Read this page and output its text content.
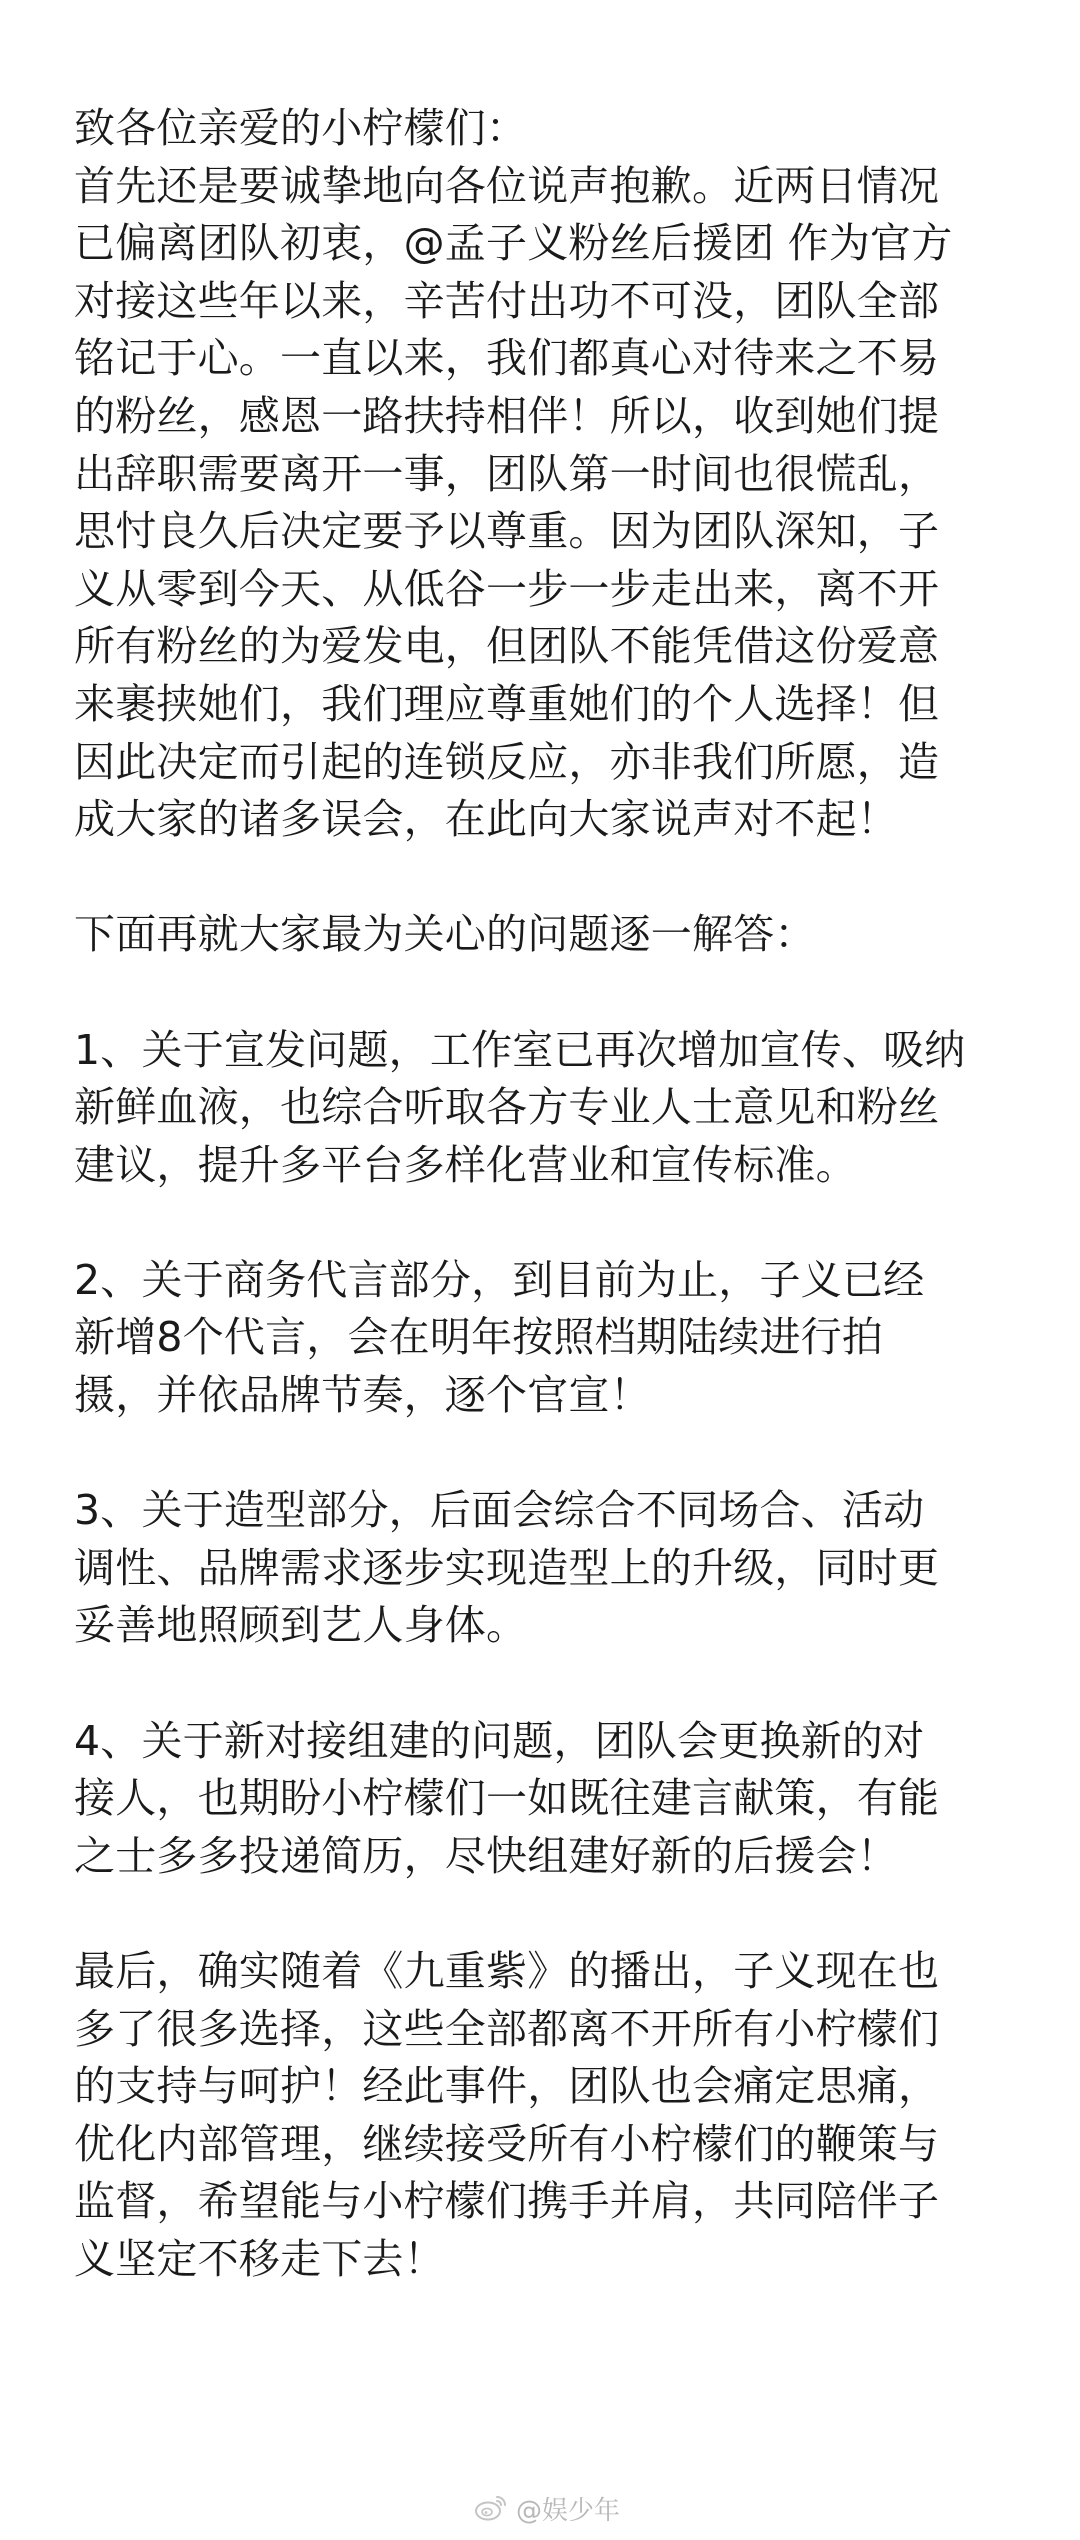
致各位亲爱的小柠檬们：
首先还是要诚挚地向各位说声抱歉。近两日情况
已偏离团队初衷，@孟子义粉丝后援团 作为官方
对接这些年以来，辛苦付出功不可没，团队全部
铭记于心。一直以来，我们都真心对待来之不易
的粉丝，感恩一路扶持相伴！所以，收到她们提
出辞职需要离开一事，团队第一时间也很慌乱，
思忖良久后决定要予以尊重。因为团队深知，子
义从零到今天、从低谷一步一步走出来，离不开
所有粉丝的为爱发电，但团队不能凭借这份爱意
来裹挟她们，我们理应尊重她们的个人选择！但
因此决定而引起的连锁反应，亦非我们所愿，造
成大家的诸多误会，在此向大家说声对不起！
下面再就大家最为关心的问题逐一解答：
1、关于宣发问题，工作室已再次增加宣传、吸纳
新鲜血液，也综合听取各方专业人士意见和粉丝
建议，提升多平台多样化营业和宣传标准。
2、关于商务代言部分，到目前为止，子义已经
新增8个代言，会在明年按照档期陆续进行拍
摄，并依品牌节奏，逐个官宣！
3、关于造型部分，后面会综合不同场合、活动
调性、品牌需求逐步实现造型上的升级，同时更
妥善地照顾到艺人身体。
4、关于新对接组建的问题，团队会更换新的对
接人，也期盼小柠檬们一如既往建言献策，有能
之士多多投递简历，尽快组建好新的后援会！
最后，确实随着《九重紫》的播出，子义现在也
多了很多选择，这些全部都离不开所有小柠檬们
的支持与呵护！经此事件，团队也会痛定思痛，
优化内部管理，继续接受所有小柠檬们的鞭策与
监督，希望能与小柠檬们携手并肩，共同陪伴子
义坚定不移走下去！
@娱少年
